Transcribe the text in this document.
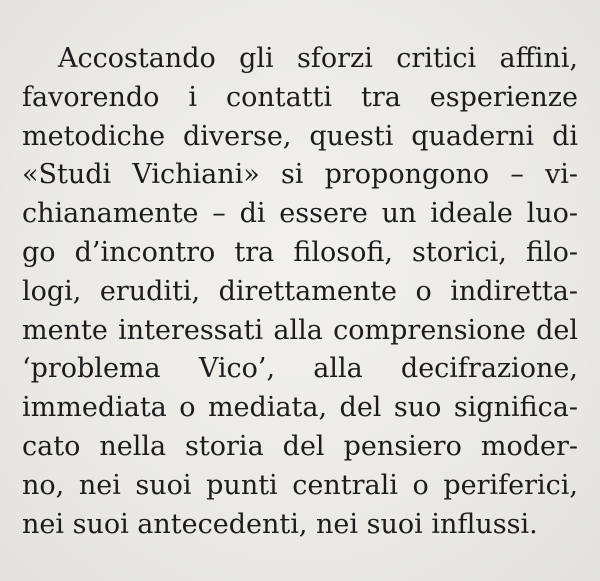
Accostando gli sforzi critici affini,
favorendo i contatti tra esperienze
metodiche diverse, questi quaderni di
«Studi Vichiani» si propongono – vi-
chianamente – di essere un ideale luo-
go d’incontro tra filosofi, storici, filo-
logi, eruditi, direttamente o indiretta-
mente interessati alla comprensione del
‘problema Vico’, alla decifrazione,
immediata o mediata, del suo significa-
cato nella storia del pensiero moder-
no, nei suoi punti centrali o periferici,
nei suoi antecedenti, nei suoi influssi.
